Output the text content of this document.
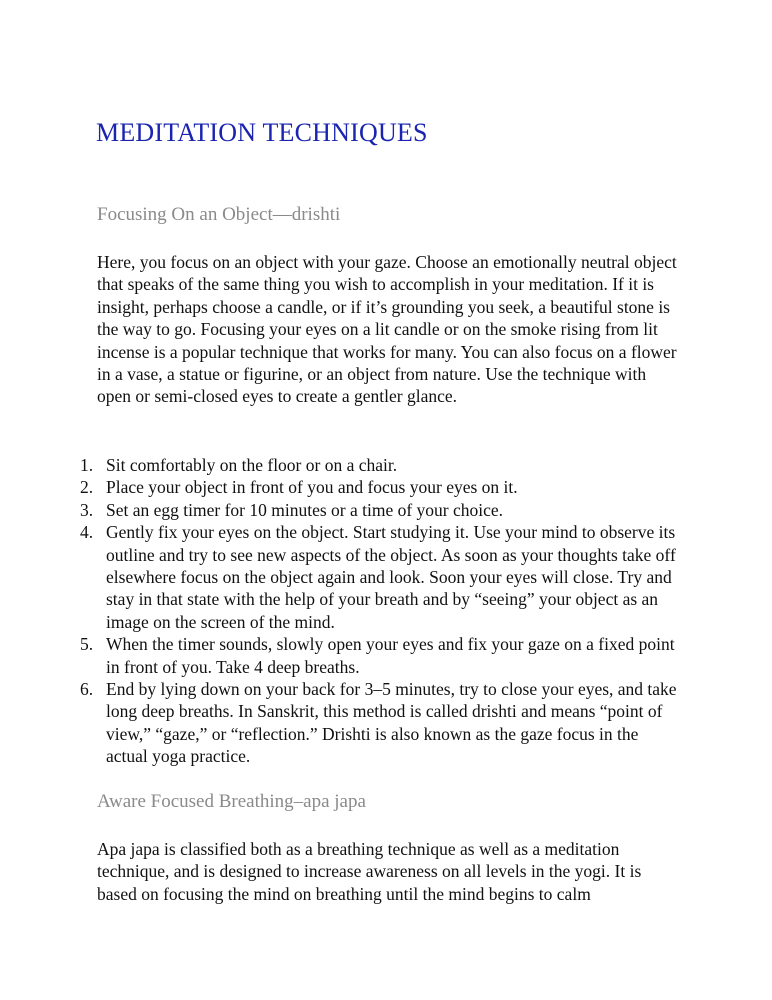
MEDITATION TECHNIQUES
Focusing On an Object—drishti

Here, you focus on an object with your gaze. Choose an emotionally neutral object that speaks of the same thing you wish to accomplish in your meditation. If it is insight, perhaps choose a candle, or if it’s grounding you seek, a beautiful stone is the way to go. Focusing your eyes on a lit candle or on the smoke rising from lit incense is a popular technique that works for many. You can also focus on a flower in a vase, a statue or figurine, or an object from nature. Use the technique with open or semi-closed eyes to create a gentler glance.

1. Sit comfortably on the floor or on a chair.
2. Place your object in front of you and focus your eyes on it.
3. Set an egg timer for 10 minutes or a time of your choice.
4. Gently fix your eyes on the object. Start studying it. Use your mind to observe its outline and try to see new aspects of the object. As soon as your thoughts take off elsewhere focus on the object again and look. Soon your eyes will close. Try and stay in that state with the help of your breath and by “seeing” your object as an image on the screen of the mind.
5. When the timer sounds, slowly open your eyes and fix your gaze on a fixed point in front of you. Take 4 deep breaths.
6. End by lying down on your back for 3–5 minutes, try to close your eyes, and take long deep breaths. In Sanskrit, this method is called drishti and means “point of view,” “gaze,” or “reflection.” Drishti is also known as the gaze focus in the actual yoga practice.
Aware Focused Breathing–apa japa

Apa japa is classified both as a breathing technique as well as a meditation technique, and is designed to increase awareness on all levels in the yogi. It is based on focusing the mind on breathing until the mind begins to calm
